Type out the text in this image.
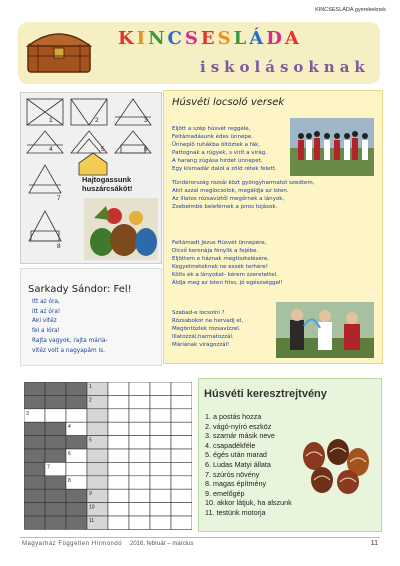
KINCSESLÁDA gyerekeknek
KINCSESLÁDA
iskolásoknak
1	2	3
4	5	6
7
8
Hajtogassunk
huszárcsákót!
Húsvéti locsoló versek
Eljött a szép húsvét reggele,
Feltámadásunk édes ünnepe.
Ünneplő ruhákba öltöztek a fák,
Pattognak a rügyek, s virít a virág.
A harang zúgása hirdet ünnepet,
Egy kismadár dalol a zöld rétek felett.
Tündérország rózsái közt gyöngyharmatot szedtem,
Akit azzal meglocsolok, megáldja az Isten.
Az illatos rózsavíztől megőrnek a lányok,
Zsebeimbe beleférnek a piros tojások.
Feltámadt Jézus Húsvét ünnepére,
Dicső koronája fénylik a fejébe.
Eljöttem e háznak megtisztelésére,
Kegyelmeteknek ne essék terhére!
Költs ek a lányokat- kérem szeretettel.
Áldja meg az Isten friss, jó egészséggel!
Szabad-e locsolni ?
Rózsabokor ne hervadj el,
Megöntözlek rózsavízzel.
Illatozzál,harmatozzál.
Máriának virágozzál!
Sarkady Sándor: Fel!
Itt az óra,
itt az óra!
Aki vitéz
fel a lóra!
Rajta vagyok, rajta mária-
vitéz volt a nagyapám is.
1
2
3
4
5
6
7
8
9
10
11
Húsvéti keresztrejtvény
1. a postás hozza
2. vágó-nyíró eszköz
3. szamár másik neve
4. csapadékféle
5. égés után marad
6. Ludas Matyi állata
7. szúrós növény
8. magas építmény
9. emelőgép
10. akkor látjuk, ha alszunk
11. testünk motorja
Magyarház Független Hírmondó 2016. február – március	11
